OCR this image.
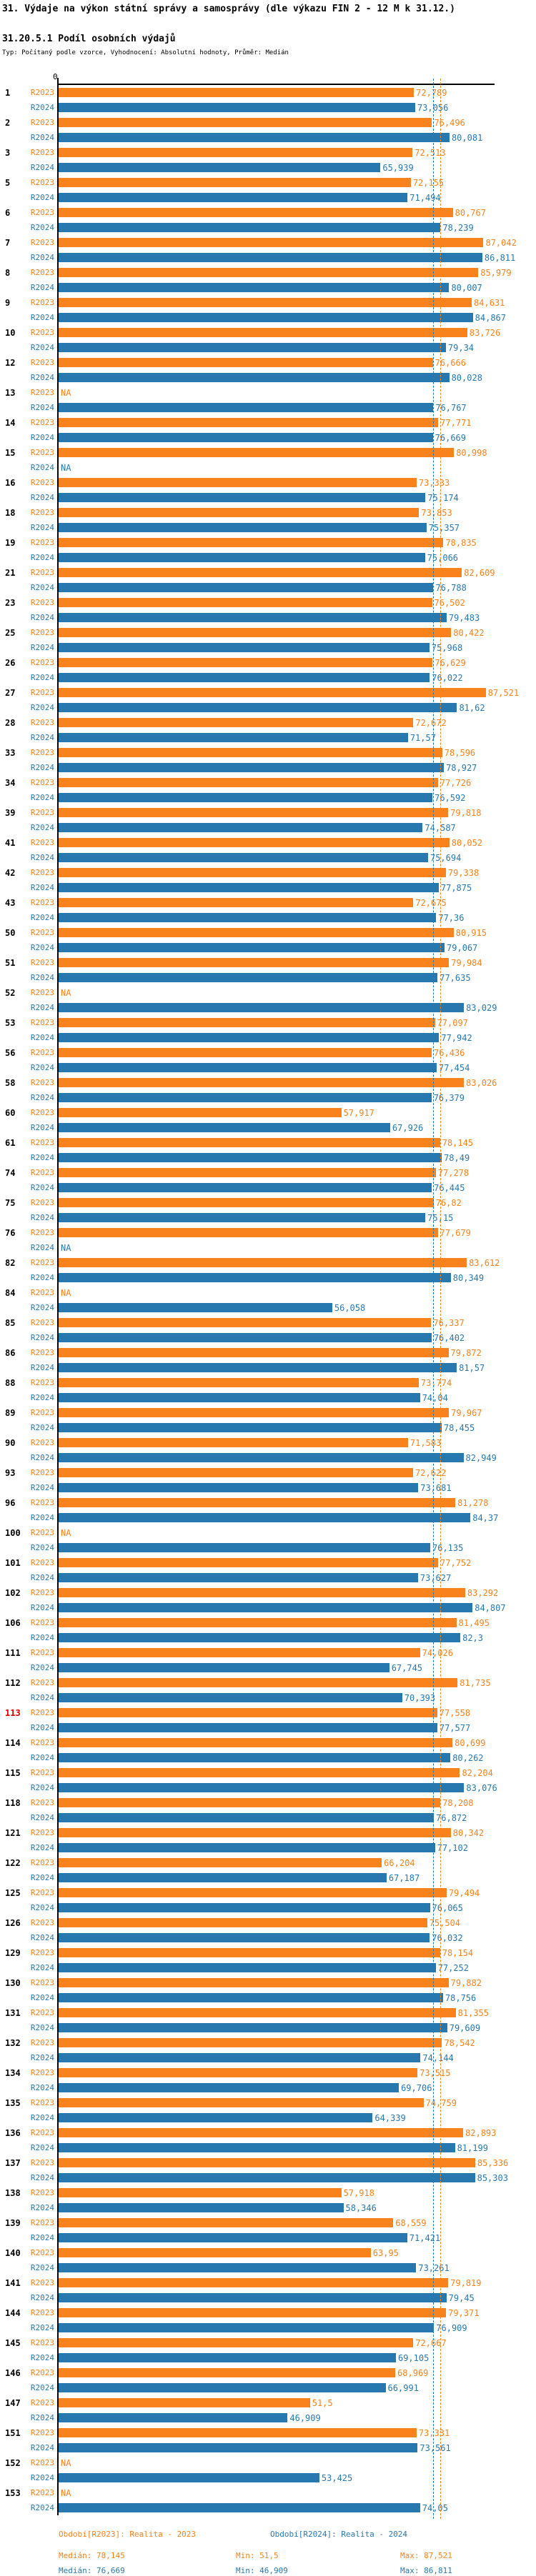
31. Výdaje na výkon státní správy a samosprávy (dle výkazu FIN 2 - 12 M k 31.12.)
31.20.5.1 Podíl osobních výdajů
Typ: Počítaný podle vzorce, Vyhodnocení: Absolutní hodnoty, Průměr: Medián
0
1	R2023	72,789
R2024	73,056
2	R2023	76,496
R2024	80,081
3	R2023	72,513
R2024	65,939
5	R2023	72,155
R2024	71,494
6	R2023	80,767
R2024	78,239
7	R2023	87,042
R2024	86,811
8	R2023	85,979
R2024	80,007
9	R2023	84,631
R2024	84,867
10	R2023	83,726
R2024	79,34
12	R2023	76,666
R2024	80,028
13	R2023 NA
R2024	76,767
14	R2023	77,771
R2024	76,669
15	R2023	80,998
R2024 NA
16	R2023	73,333
R2024	75,174
18	R2023	73,853
R2024	75,357
19	R2023	78,835
R2024	75,066
21	R2023	82,609
R2024	76,788
23	R2023	76,502
R2024	79,483
25	R2023	80,422
R2024	75,968
26	R2023	76,629
R2024	76,022
27	R2023	87,521
R2024	81,62
28	R2023	72,672
R2024	71,57
33	R2023	78,596
R2024	78,927
34	R2023	77,726
R2024	76,592
39	R2023	79,818
R2024	74,587
41	R2023	80,052
R2024	75,694
42	R2023	79,338
R2024	77,875
43	R2023	72,675
R2024	77,36
50	R2023	80,915
R2024	79,067
51	R2023	79,984
R2024	77,635
52	R2023 NA
R2024	83,029
53	R2023	77,097
R2024	77,942
56	R2023	76,436
R2024	77,454
58	R2023	83,026
R2024	76,379
60	R2023	57,917
R2024	67,926
61	R2023	78,145
R2024	78,49
74	R2023	77,278
R2024	76,445
75	R2023	76,82
R2024	75,15
76	R2023	77,679
R2024 NA
82	R2023	83,612
R2024	80,349
84	R2023 NA
R2024	56,058
85	R2023	76,337
R2024	76,402
86	R2023	79,872
R2024	81,57
88	R2023	73,774
R2024	74,04
89	R2023	79,967
R2024	78,455
90	R2023	71,583
R2024	82,949
93	R2023	72,622
R2024	73,681
96	R2023	81,278
R2024	84,37
100	R2023 NA
R2024	76,135
101	R2023	77,752
R2024	73,627
102	R2023	83,292
R2024	84,807
106	R2023	81,495
R2024	82,3
111	R2023	74,026
R2024	67,745
112	R2023	81,735
R2024	70,393
113	R2023	77,558
R2024	77,577
114	R2023	80,699
R2024	80,262
115	R2023	82,204
R2024	83,076
118	R2023	78,208
R2024	76,872
121	R2023	80,342
R2024	77,102
122	R2023	66,204
R2024	67,187
125	R2023	79,494
R2024	76,065
126	R2023	75,504
R2024	76,032
129	R2023	78,154
R2024	77,252
130	R2023	79,882
R2024	78,756
131	R2023	81,355
R2024	79,609
132	R2023	78,542
R2024	74,144
134	R2023	73,515
R2024	69,706
135	R2023	74,759
R2024	64,339
136	R2023	82,893
R2024	81,199
137	R2023	85,336
R2024	85,303
138	R2023	57,918
R2024	58,346
139	R2023	68,559
R2024	71,421
140	R2023	63,95
R2024	73,261
141	R2023	79,819
R2024	79,45
144	R2023	79,371
R2024	76,909
145	R2023	72,667
R2024	69,105
146	R2023	68,969
R2024	66,991
147	R2023	51,5
R2024	46,909
151	R2023	73,331
R2024	73,561
152	R2023 NA
R2024	53,425
153	R2023 NA
R2024	74,05
Období[R2023]: Realita - 2023	Období[R2024]: Realita - 2024
Medián: 78,145	Min: 51,5	Max: 87,521
Medián: 76,669	Min: 46,909	Max: 86,811
